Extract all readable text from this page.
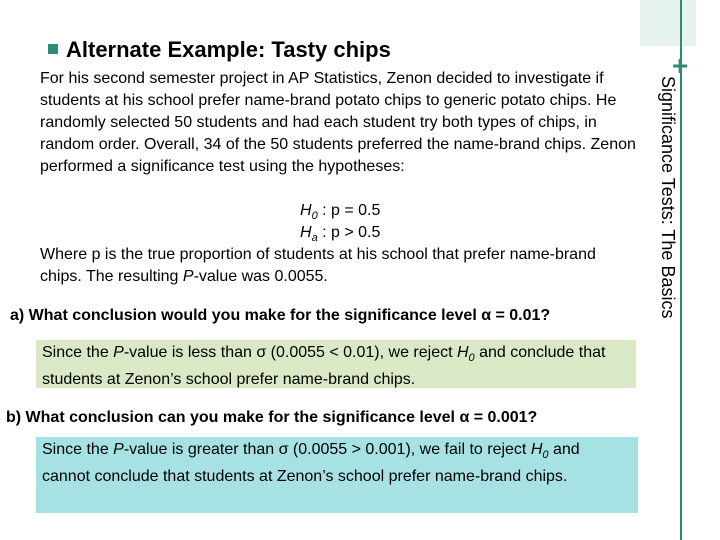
+
Significance Tests: The Basics
Alternate Example: Tasty chips
For his second semester project in AP Statistics, Zenon decided to investigate if students at his school prefer name-brand potato chips to generic potato chips. He randomly selected 50 students and had each student try both types of chips, in random order. Overall, 34 of the 50 students preferred the name-brand chips. Zenon performed a significance test using the hypotheses:
$H_0$ : p = 0.5
$H_a$ : p > 0.5
Where p is the true proportion of students at his school that prefer name-brand chips. The resulting P-value was 0.0055.
a) What conclusion would you make for the significance level α = 0.01?
Since the P-value is less than σ (0.0055 < 0.01), we reject $H_0$ and conclude that students at Zenon’s school prefer name-brand chips.
b) What conclusion can you make for the significance level α = 0.001?
Since the P-value is greater than σ (0.0055 > 0.001), we fail to reject $H_0$ and cannot conclude that students at Zenon’s school prefer name-brand chips.
